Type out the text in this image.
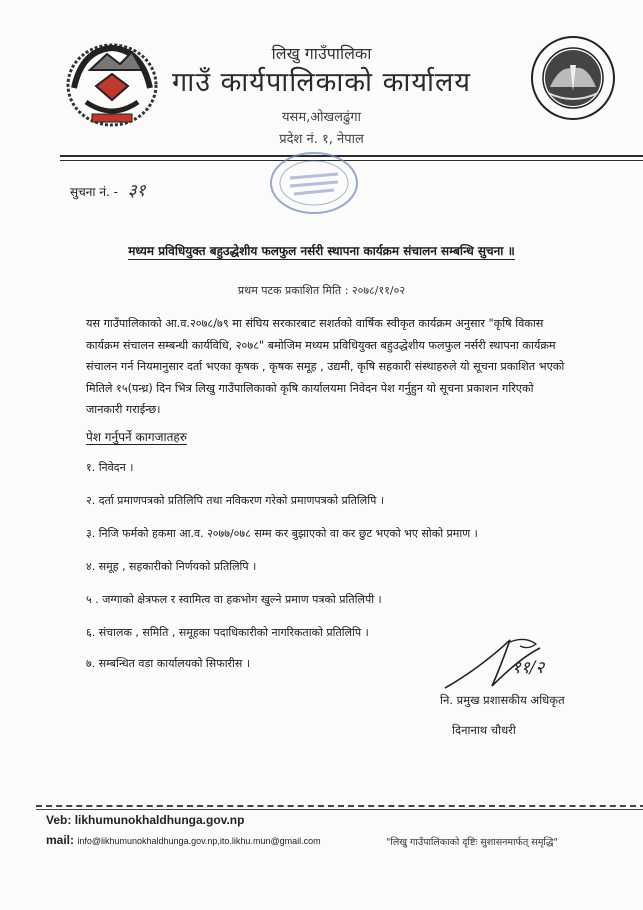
लिखु गाउँपालिका
गाउँ कार्यपालिकाको कार्यालय
यसम,ओखलढुंगा
प्रदेश नं. १, नेपाल
सुचना नं. - ३१
मध्यम प्रविधियुक्त बहुउद्धेशीय फलफुल नर्सरी स्थापना कार्यक्रम संचालन सम्बन्धि सुचना ॥
प्रथम पटक प्रकाशित मिति : २०७८/११/०२
यस गाउँपालिकाको आ.व.२०७८/७९ मा संघिय सरकारबाट सशर्तको वार्षिक स्वीकृत कार्यक्रम अनुसार "कृषि विकास
कार्यक्रम संचालन सम्बन्धी कार्यविधि, २०७८" बमोजिम मध्यम प्रविधियुक्त बहुउद्धेशीय फलफुल नर्सरी स्थापना कार्यक्रम
संचालन गर्न नियमानुसार दर्ता भएका कृषक , कृषक समूह , उद्यमी, कृषि सहकारी संस्थाहरुले यो सूचना प्रकाशित भएको
मितिले १५(पन्ध्र) दिन भित्र लिखु गाउँपालिकाको कृषि कार्यालयमा निवेदन पेश गर्नुहुन यो सूचना प्रकाशन गरिएको
जानकारी गराईन्छ।
पेश गर्नुपर्ने कागजातहरु
१. निवेदन ।
२. दर्ता प्रमाणपत्रको प्रतिलिपि तथा नविकरण गरेको प्रमाणपत्रको प्रतिलिपि ।
३. निजि फर्मको हकमा आ.व. २०७७/०७८ सम्म कर बुझाएको वा कर छुट भएको भए सोको प्रमाण ।
४. समूह , सहकारीको निर्णयको प्रतिलिपि ।
५ . जग्गाको क्षेत्रफल र स्वामित्व वा हकभोग खुल्ने प्रमाण पत्रको प्रतिलिपी ।
६. संचालक , समिति , समूहका पदाधिकारीको नागरिकताको प्रतिलिपि ।
७. सम्बन्धित वडा कार्यालयको सिफारीस ।	११/२
नि. प्रमुख प्रशासकीय अधिकृत
दिनानाथ चौधरी
Veb: likhumunokhaldhunga.gov.np
mail: info@likhumunokhaldhunga.gov.np,ito.likhu.mun@gmail.com	"लिखु गाउँपालिकाको दृष्टिः सुशासनमार्फत् समृद्धि"
